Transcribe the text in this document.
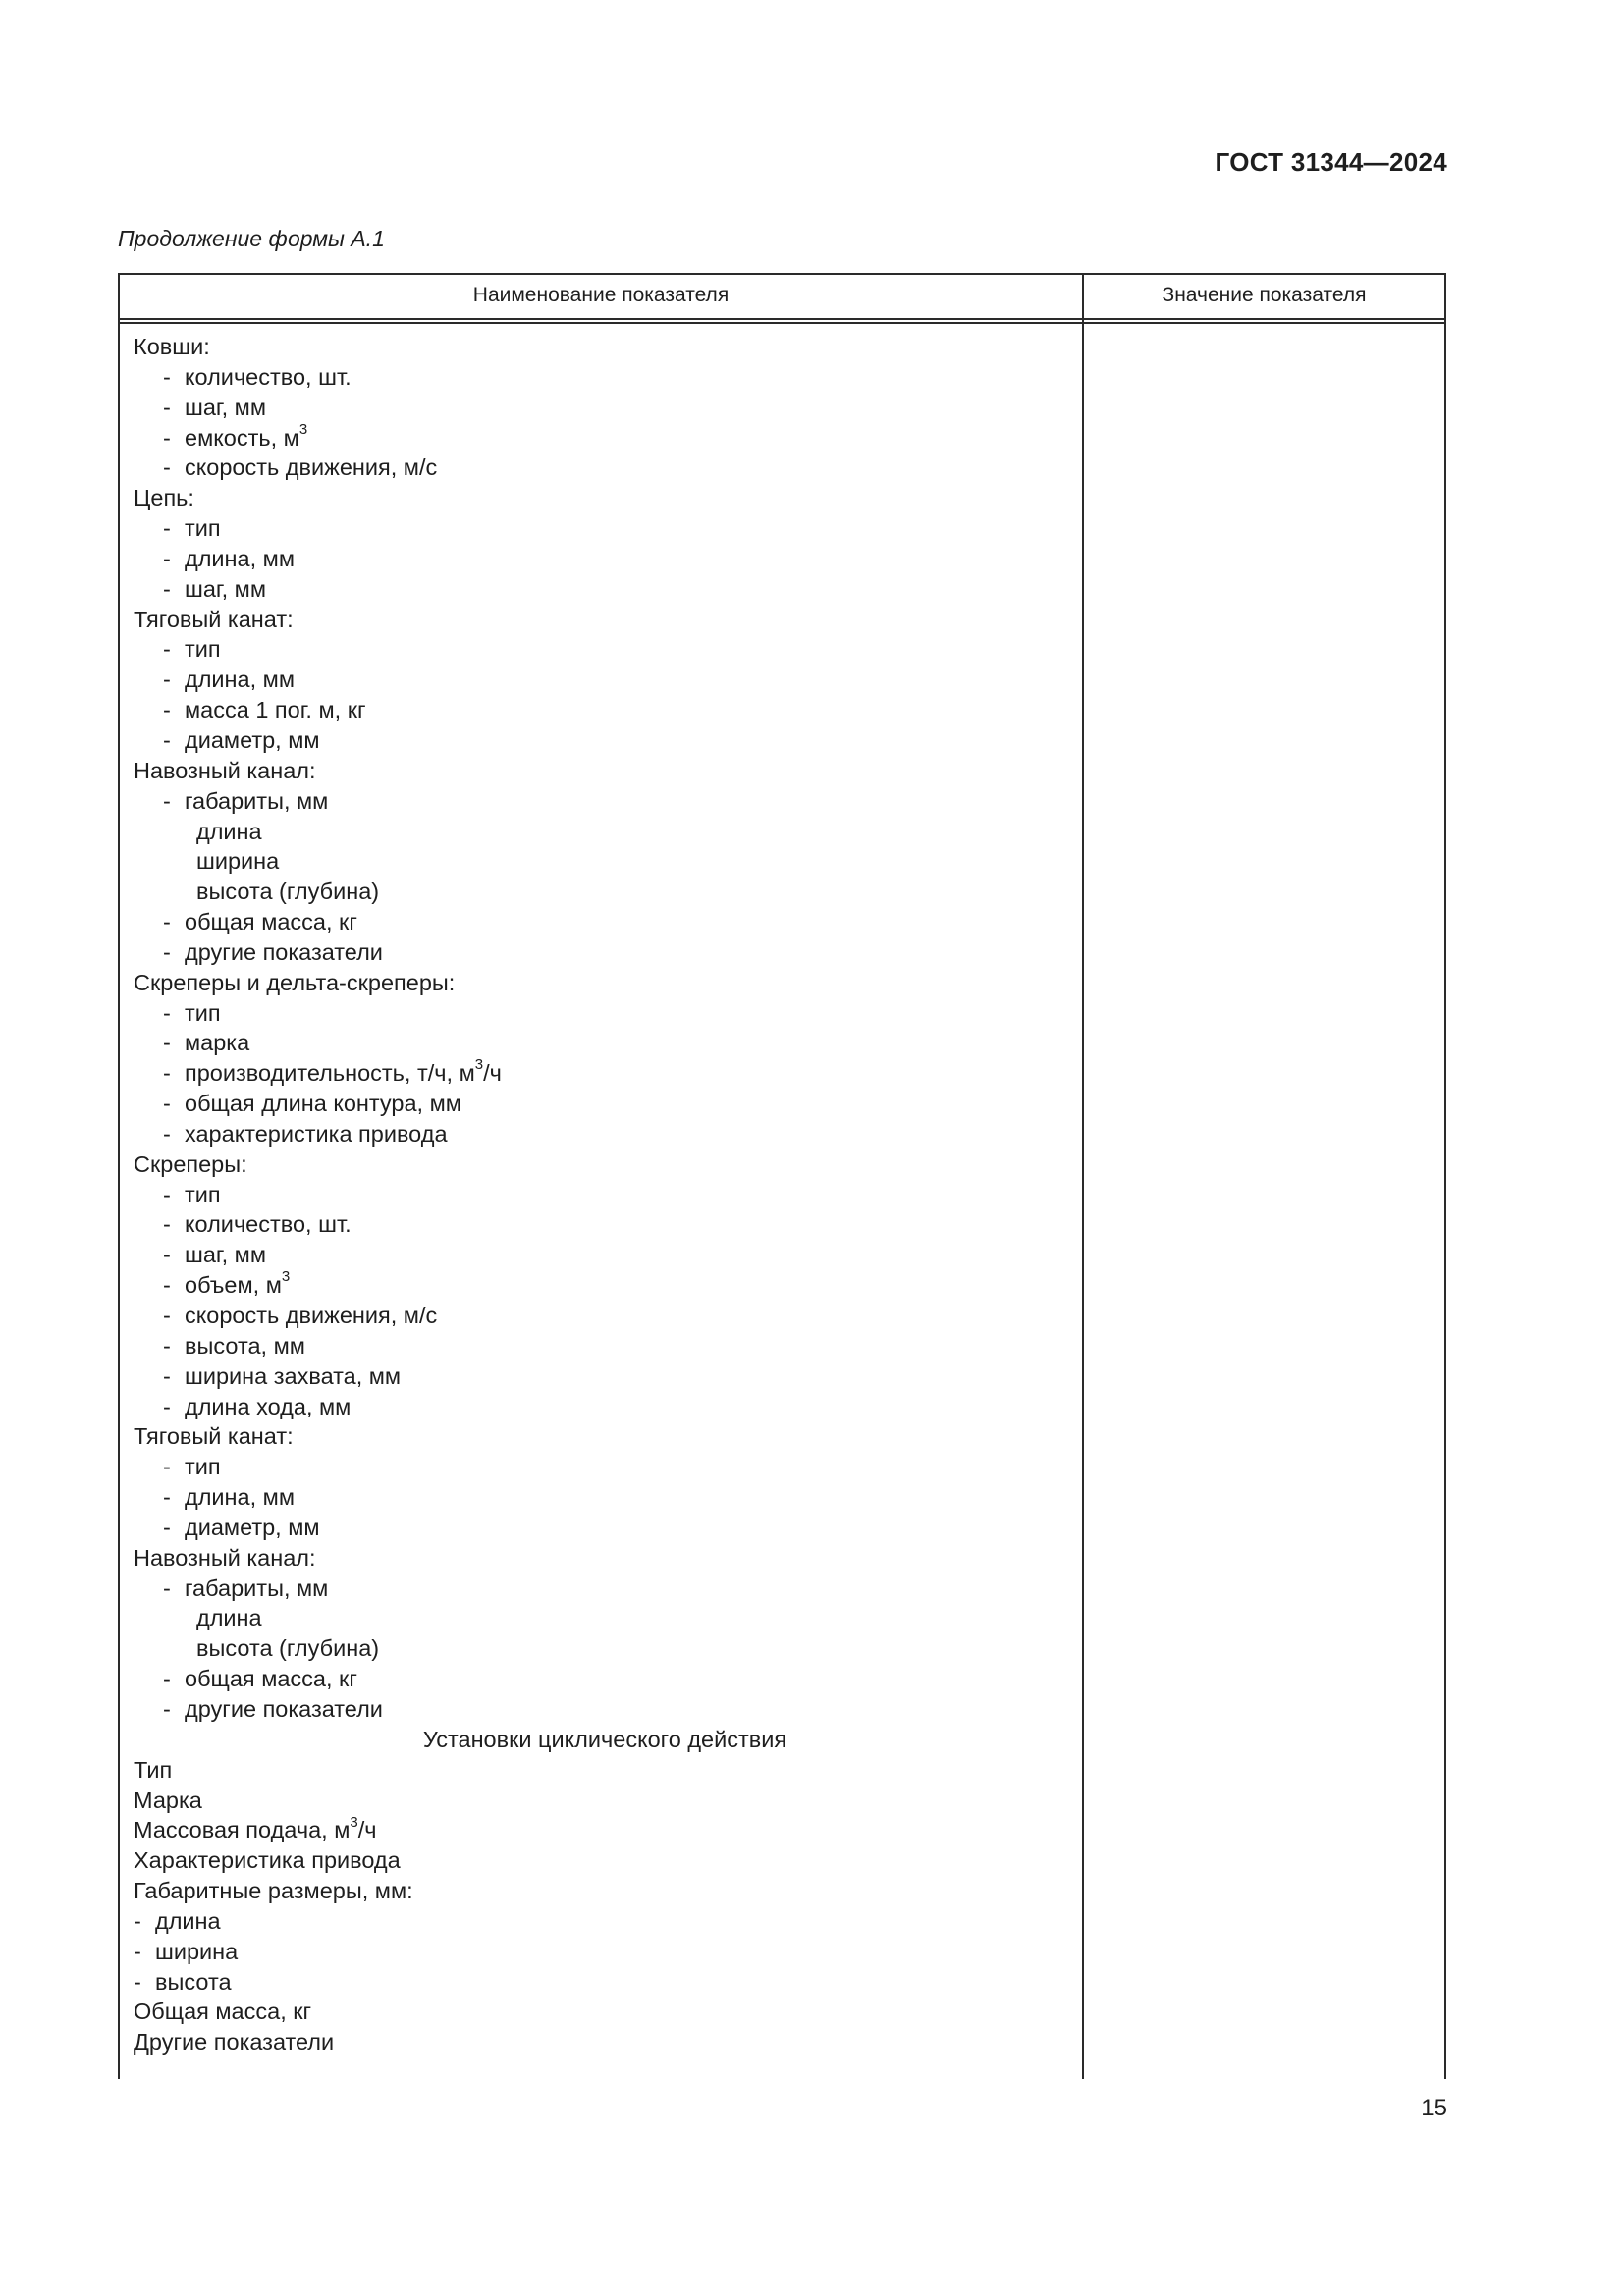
ГОСТ 31344—2024
Продолжение формы А.1
Наименование показателя	Значение показателя
Ковши:
- количество, шт.
- шаг, мм
- емкость, $м^3$
- скорость движения, м/с
Цепь:
- тип
- длина, мм
- шаг, мм
Тяговый канат:
- тип
- длина, мм
- масса 1 пог. м, кг
- диаметр, мм
Навозный канал:
- габариты, мм
длина
ширина
высота (глубина)
- общая масса, кг
- другие показатели
Скреперы и дельта-скреперы:
- тип
- марка
- производительность, т/ч, $м^3/ч$
- общая длина контура, мм
- характеристика привода
Скреперы:
- тип
- количество, шт.
- шаг, мм
- объем, $м^3$
- скорость движения, м/с
- высота, мм
- ширина захвата, мм
- длина хода, мм
Тяговый канат:
- тип
- длина, мм
- диаметр, мм
Навозный канал:
- габариты, мм
длина
высота (глубина)
- общая масса, кг
- другие показатели
Установки циклического действия
Тип
Марка
Массовая подача, $м^3/ч$
Характеристика привода
Габаритные размеры, мм:
- длина
- ширина
- высота
Общая масса, кг
Другие показатели
15
